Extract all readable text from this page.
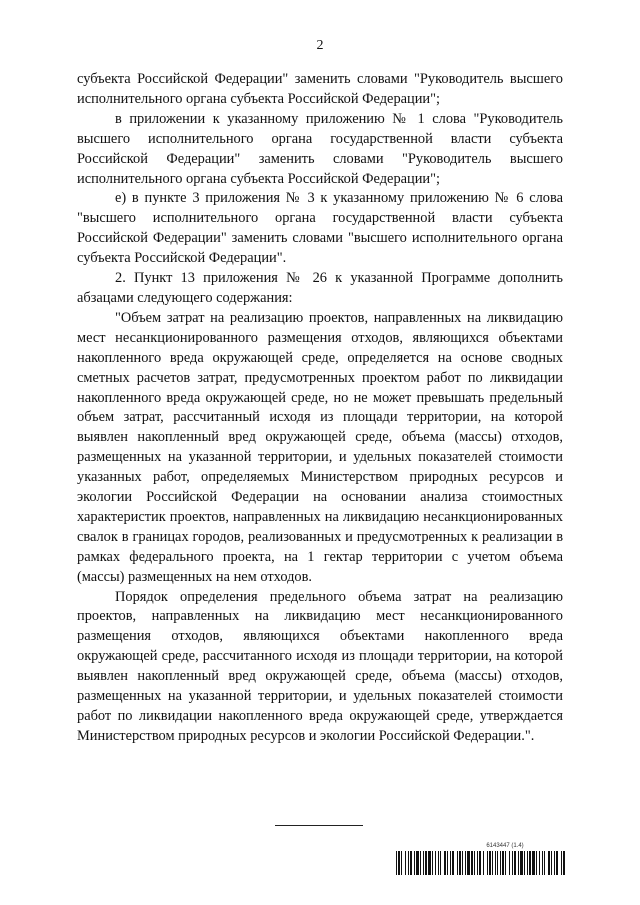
2

субъекта Российской Федерации" заменить словами "Руководитель высшего исполнительного органа субъекта Российской Федерации";

в приложении к указанному приложению № 1 слова "Руководитель высшего исполнительного органа государственной власти субъекта Российской Федерации" заменить словами "Руководитель высшего исполнительного органа субъекта Российской Федерации";

е) в пункте 3 приложения № 3 к указанному приложению № 6 слова "высшего исполнительного органа государственной власти субъекта Российской Федерации" заменить словами "высшего исполнительного органа субъекта Российской Федерации".

2. Пункт 13 приложения № 26 к указанной Программе дополнить абзацами следующего содержания:

"Объем затрат на реализацию проектов, направленных на ликвидацию мест несанкционированного размещения отходов, являющихся объектами накопленного вреда окружающей среде, определяется на основе сводных сметных расчетов затрат, предусмотренных проектом работ по ликвидации накопленного вреда окружающей среде, но не может превышать предельный объем затрат, рассчитанный исходя из площади территории, на которой выявлен накопленный вред окружающей среде, объема (массы) отходов, размещенных на указанной территории, и удельных показателей стоимости указанных работ, определяемых Министерством природных ресурсов и экологии Российской Федерации на основании анализа стоимостных характеристик проектов, направленных на ликвидацию несанкционированных свалок в границах городов, реализованных и предусмотренных к реализации в рамках федерального проекта, на 1 гектар территории с учетом объема (массы) размещенных на нем отходов.

Порядок определения предельного объема затрат на реализацию проектов, направленных на ликвидацию мест несанкционированного размещения отходов, являющихся объектами накопленного вреда окружающей среде, рассчитанного исходя из площади территории, на которой выявлен накопленный вред окружающей среде, объема (массы) отходов, размещенных на указанной территории, и удельных показателей стоимости работ по ликвидации накопленного вреда окружающей среде, утверждается Министерством природных ресурсов и экологии Российской Федерации.".

6143447 (1.4)
